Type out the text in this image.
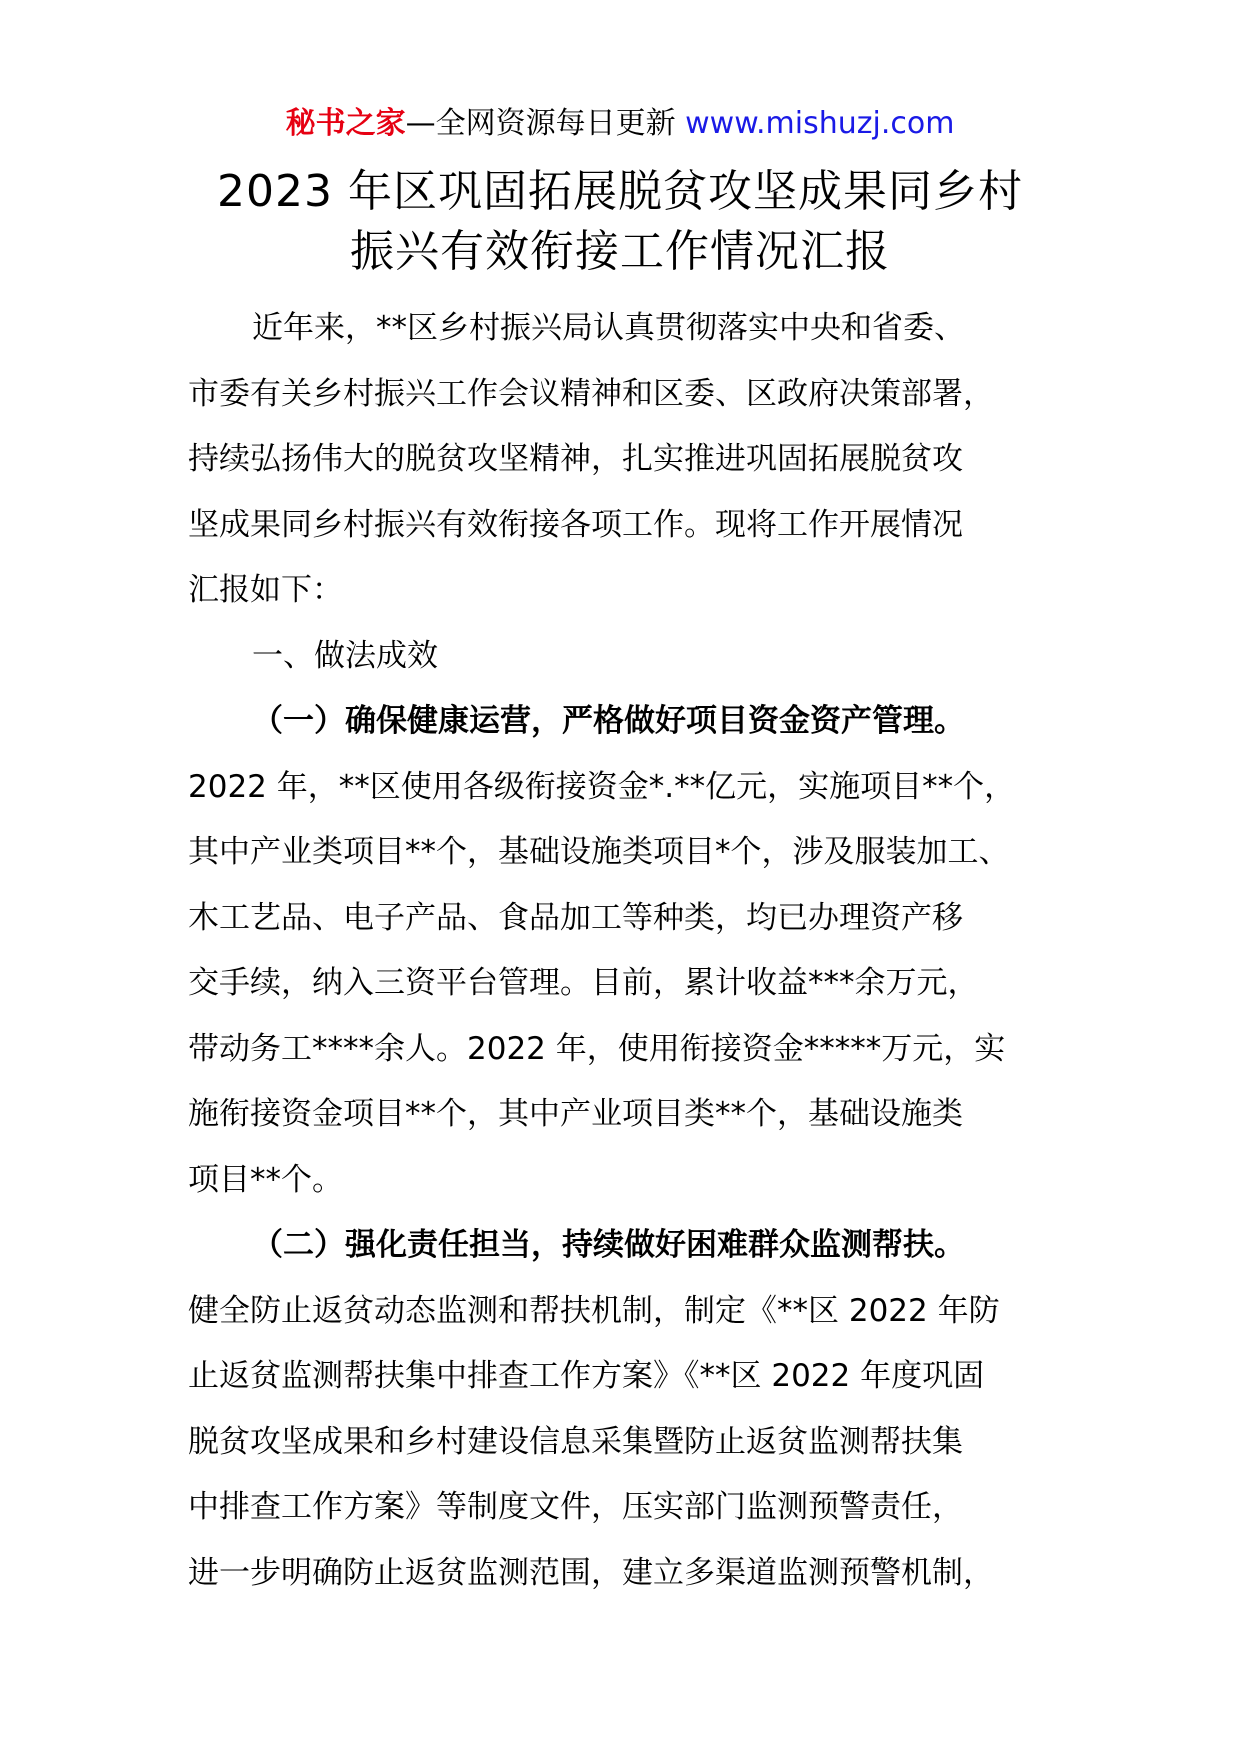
秘书之家—全网资源每日更新 www.mishuzj.com
2023 年区巩固拓展脱贫攻坚成果同乡村
振兴有效衔接工作情况汇报
近年来，**区乡村振兴局认真贯彻落实中央和省委、
市委有关乡村振兴工作会议精神和区委、区政府决策部署，
持续弘扬伟大的脱贫攻坚精神，扎实推进巩固拓展脱贫攻
坚成果同乡村振兴有效衔接各项工作。现将工作开展情况
汇报如下：
一、做法成效
（一）确保健康运营，严格做好项目资金资产管理。
2022 年，**区使用各级衔接资金*.**亿元，实施项目**个，
其中产业类项目**个，基础设施类项目*个，涉及服装加工、
木工艺品、电子产品、食品加工等种类，均已办理资产移
交手续，纳入三资平台管理。目前，累计收益***余万元，
带动务工****余人。2022 年，使用衔接资金*****万元，实
施衔接资金项目**个，其中产业项目类**个，基础设施类
项目**个。
（二）强化责任担当，持续做好困难群众监测帮扶。
健全防止返贫动态监测和帮扶机制，制定《**区 2022 年防
止返贫监测帮扶集中排查工作方案》《**区 2022 年度巩固
脱贫攻坚成果和乡村建设信息采集暨防止返贫监测帮扶集
中排查工作方案》等制度文件，压实部门监测预警责任，
进一步明确防止返贫监测范围，建立多渠道监测预警机制，
